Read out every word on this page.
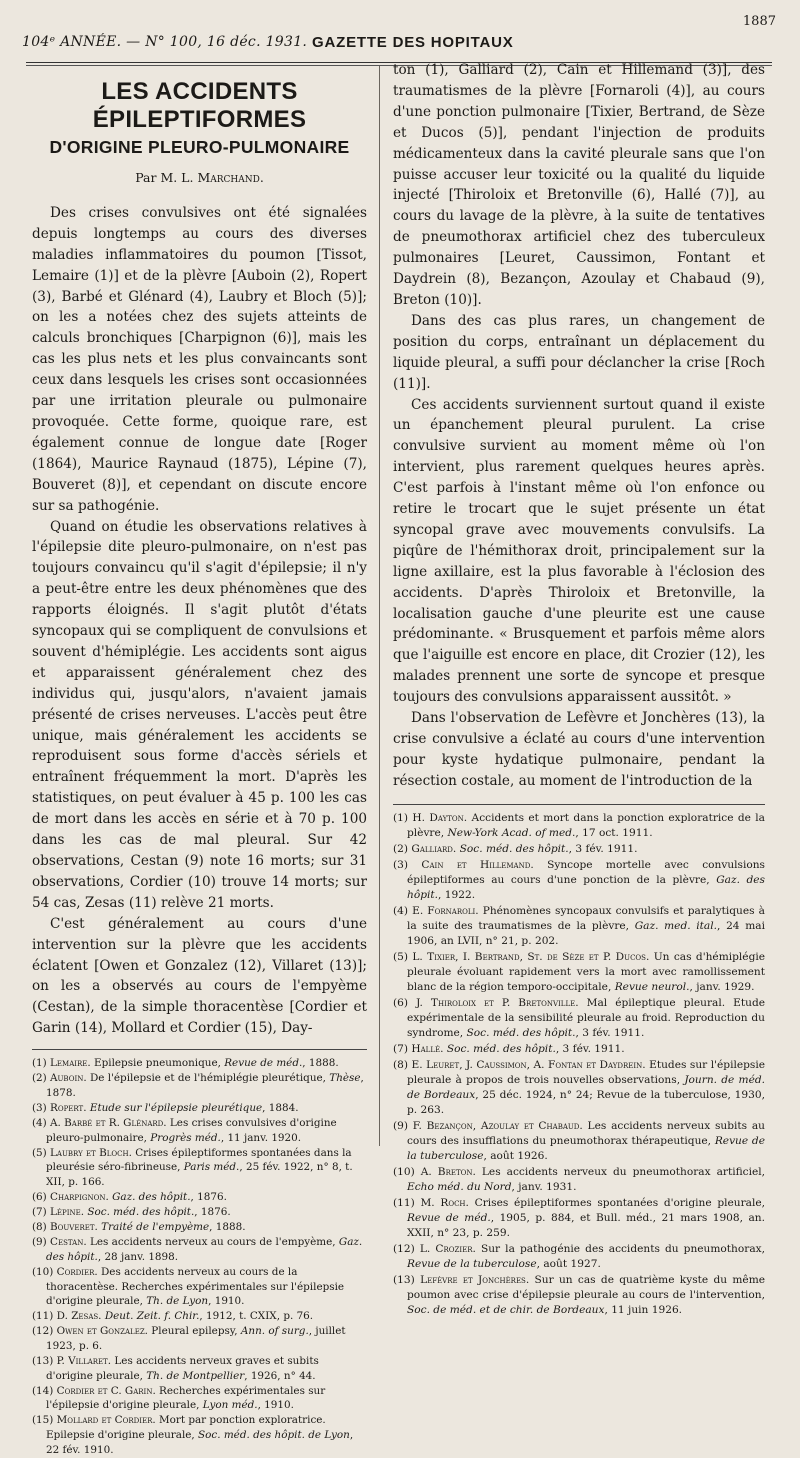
104ᵉ ANNÉE. — N° 100, 16 déc. 1931. GAZETTE DES HOPITAUX
1887
LES ACCIDENTS ÉPILEPTIFORMES
D'ORIGINE PLEURO-PULMONAIRE
Par M. L. Marchand.

Des crises convulsives ont été signalées depuis longtemps au cours des diverses maladies inflammatoires du poumon [Tissot, Lemaire (1)] et de la plèvre [Auboin (2), Ropert (3), Barbé et Glénard (4), Laubry et Bloch (5)]; on les a notées chez des sujets atteints de calculs bronchiques [Charpignon (6)], mais les cas les plus nets et les plus convaincants sont ceux dans lesquels les crises sont occasionnées par une irritation pleurale ou pulmonaire provoquée. Cette forme, quoique rare, est également connue de longue date [Roger (1864), Maurice Raynaud (1875), Lépine (7), Bouveret (8)], et cependant on discute encore sur sa pathogénie.

Quand on étudie les observations relatives à l'épilepsie dite pleuro-pulmonaire, on n'est pas toujours convaincu qu'il s'agit d'épilepsie; il n'y a peut-être entre les deux phénomènes que des rapports éloignés. Il s'agit plutôt d'états syncopaux qui se compliquent de convulsions et souvent d'hémiplégie. Les accidents sont aigus et apparaissent généralement chez des individus qui, jusqu'alors, n'avaient jamais présenté de crises nerveuses. L'accès peut être unique, mais généralement les accidents se reproduisent sous forme d'accès sériels et entraînent fréquemment la mort. D'après les statistiques, on peut évaluer à 45 p. 100 les cas de mort dans les accès en série et à 70 p. 100 dans les cas de mal pleural. Sur 42 observations, Cestan (9) note 16 morts; sur 31 observations, Cordier (10) trouve 14 morts; sur 54 cas, Zesas (11) relève 21 morts.

C'est généralement au cours d'une intervention sur la plèvre que les accidents éclatent [Owen et Gonzalez (12), Villaret (13)]; on les a observés au cours de l'empyème (Cestan), de la simple thoracentèse [Cordier et Garin (14), Mollard et Cordier (15), Day-

(1) Lemaire. Epilepsie pneumonique, Revue de méd., 1888.
(2) Auboin. De l'épilepsie et de l'hémiplégie pleurétique, Thèse, 1878.
(3) Ropert. Etude sur l'épilepsie pleurétique, 1884.
(4) A. Barbé et R. Glénard. Les crises convulsives d'origine pleuro-pulmonaire, Progrès méd., 11 janv. 1920.
(5) Laubry et Bloch. Crises épileptiformes spontanées dans la pleurésie séro-fibrineuse, Paris méd., 25 fév. 1922, n° 8, t. XII, p. 166.
(6) Charpignon. Gaz. des hôpit., 1876.
(7) Lépine. Soc. méd. des hôpit., 1876.
(8) Bouveret. Traité de l'empyème, 1888.
(9) Cestan. Les accidents nerveux au cours de l'empyème, Gaz. des hôpit., 28 janv. 1898.
(10) Cordier. Des accidents nerveux au cours de la thoracentèse. Recherches expérimentales sur l'épilepsie d'origine pleurale, Th. de Lyon, 1910.
(11) D. Zesas. Deut. Zeit. f. Chir., 1912, t. CXIX, p. 76.
(12) Owen et Gonzalez. Pleural epilepsy, Ann. of surg., juillet 1923, p. 6.
(13) P. Villaret. Les accidents nerveux graves et subits d'origine pleurale, Th. de Montpellier, 1926, n° 44.
(14) Cordier et C. Garin. Recherches expérimentales sur l'épilepsie d'origine pleurale, Lyon méd., 1910.
(15) Mollard et Cordier. Mort par ponction exploratrice. Epilepsie d'origine pleurale, Soc. méd. des hôpit. de Lyon, 22 fév. 1910.

ton (1), Galliard (2), Cain et Hillemand (3)], des traumatismes de la plèvre [Fornaroli (4)], au cours d'une ponction pulmonaire [Tixier, Bertrand, de Sèze et Ducos (5)], pendant l'injection de produits médicamenteux dans la cavité pleurale sans que l'on puisse accuser leur toxicité ou la qualité du liquide injecté [Thiroloix et Bretonville (6), Hallé (7)], au cours du lavage de la plèvre, à la suite de tentatives de pneumothorax artificiel chez des tuberculeux pulmonaires [Leuret, Caussimon, Fontant et Daydrein (8), Bezançon, Azoulay et Chabaud (9), Breton (10)].

Dans des cas plus rares, un changement de position du corps, entraînant un déplacement du liquide pleural, a suffi pour déclancher la crise [Roch (11)].

Ces accidents surviennent surtout quand il existe un épanchement pleural purulent. La crise convulsive survient au moment même où l'on intervient, plus rarement quelques heures après. C'est parfois à l'instant même où l'on enfonce ou retire le trocart que le sujet présente un état syncopal grave avec mouvements convulsifs. La piqûre de l'hémithorax droit, principalement sur la ligne axillaire, est la plus favorable à l'éclosion des accidents. D'après Thiroloix et Bretonville, la localisation gauche d'une pleurite est une cause prédominante. « Brusquement et parfois même alors que l'aiguille est encore en place, dit Crozier (12), les malades prennent une sorte de syncope et presque toujours des convulsions apparaissent aussitôt. »

Dans l'observation de Lefèvre et Jonchères (13), la crise convulsive a éclaté au cours d'une intervention pour kyste hydatique pulmonaire, pendant la résection costale, au moment de l'introduction de la

(1) H. Dayton. Accidents et mort dans la ponction exploratrice de la plèvre, New-York Acad. of med., 17 oct. 1911.
(2) Galliard. Soc. méd. des hôpit., 3 fév. 1911.
(3) Cain et Hillemand. Syncope mortelle avec convulsions épileptiformes au cours d'une ponction de la plèvre, Gaz. des hôpit., 1922.
(4) E. Fornaroli. Phénomènes syncopaux convulsifs et paralytiques à la suite des traumatismes de la plèvre, Gaz. med. ital., 24 mai 1906, an LVII, n° 21, p. 202.
(5) L. Tixier, I. Bertrand, St. de Sèze et P. Ducos. Un cas d'hémiplégie pleurale évoluant rapidement vers la mort avec ramollissement blanc de la région temporo-occipitale, Revue neurol., janv. 1929.
(6) J. Thiroloix et P. Bretonville. Mal épileptique pleural. Etude expérimentale de la sensibilité pleurale au froid. Reproduction du syndrome, Soc. méd. des hôpit., 3 fév. 1911.
(7) Hallé. Soc. méd. des hôpit., 3 fév. 1911.
(8) E. Leuret, J. Caussimon, A. Fontan et Daydrein. Etudes sur l'épilepsie pleurale à propos de trois nouvelles observations, Journ. de méd. de Bordeaux, 25 déc. 1924, n° 24; Revue de la tuberculose, 1930, p. 263.
(9) F. Bezançon, Azoulay et Chabaud. Les accidents nerveux subits au cours des insufflations du pneumothorax thérapeutique, Revue de la tuberculose, août 1926.
(10) A. Breton. Les accidents nerveux du pneumothorax artificiel, Echo méd. du Nord, janv. 1931.
(11) M. Roch. Crises épileptiformes spontanées d'origine pleurale, Revue de méd., 1905, p. 884, et Bull. méd., 21 mars 1908, an. XXII, n° 23, p. 259.
(12) L. Crozier. Sur la pathogénie des accidents du pneumothorax, Revue de la tuberculose, août 1927.
(13) Lefèvre et Jonchères. Sur un cas de quatrième kyste du même poumon avec crise d'épilepsie pleurale au cours de l'intervention, Soc. de méd. et de chir. de Bordeaux, 11 juin 1926.
